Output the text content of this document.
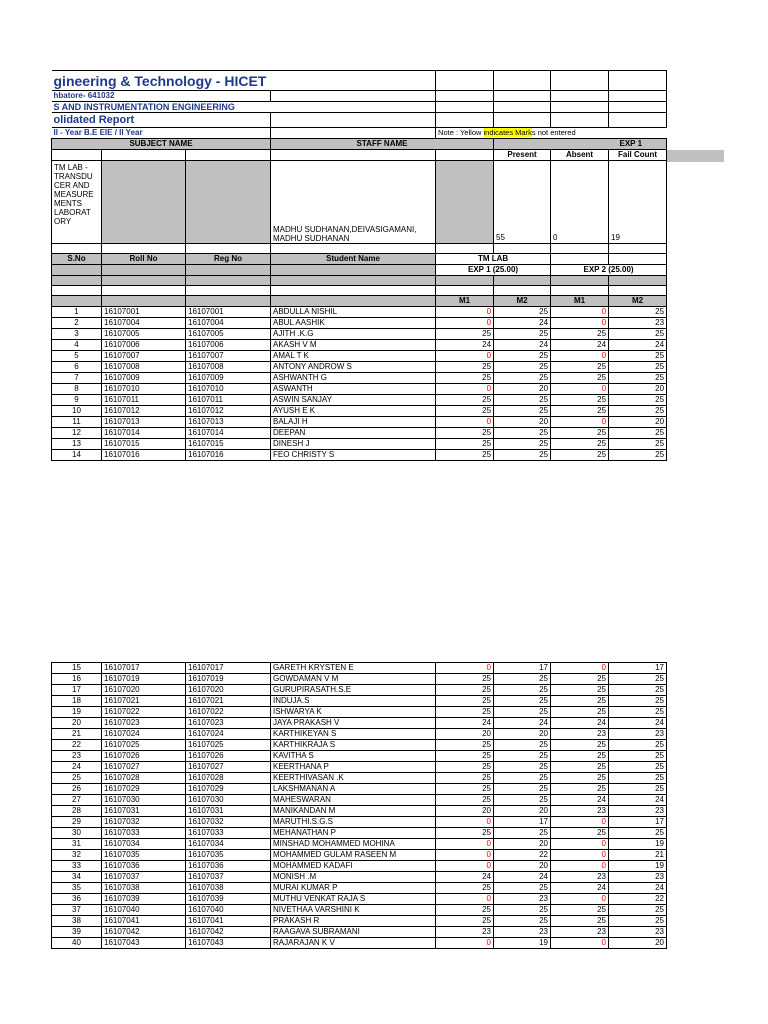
gineering & Technology - HICET							
hbatore- 641032							
S AND INSTRUMENTATION ENGINEERING							
olidated Report							
II - Year B.E EIE / II Year				Note : Yellow indicates Marks not entered			
SUBJECT NAME			STAFF NAME		EXP 1		
					Present	Absent	Fail Count
TM LAB - TRANSDU CER AND MEASURE MENTS LABORAT ORY			MADHU SUDHANAN,DEIVASIGAMANI, MADHU SUDHANAN		55	0	19

S.No	Roll No	Reg No	Student Name	TM LAB			
				EXP 1 (25.00)		EXP 2 (25.00)	

				M1	M2	M1	M2
1	16107001	16107001	ABDULLA NISHIL	0	25	0	25
2	16107004	16107004	ABUL AASHIK	0	24	0	23
3	16107005	16107005	AJITH .K.G	25	25	25	25
4	16107006	16107006	AKASH V M	24	24	24	24
5	16107007	16107007	AMAL T K	0	25	0	25
6	16107008	16107008	ANTONY ANDROW S	25	25	25	25
7	16107009	16107009	ASHWANTH G	25	25	25	25
8	16107010	16107010	ASWANTH	0	20	0	20
9	16107011	16107011	ASWIN SANJAY	25	25	25	25
10	16107012	16107012	AYUSH E K	25	25	25	25
11	16107013	16107013	BALAJI H	0	20	0	20
12	16107014	16107014	DEEPAN	25	25	25	25
13	16107015	16107015	DINESH J	25	25	25	25
14	16107016	16107016	FEO CHRISTY S	25	25	25	25
15	16107017	16107017	GARETH KRYSTEN E	0	17	0	17
16	16107019	16107019	GOWDAMAN V M	25	25	25	25
17	16107020	16107020	GURUPIRASATH.S.E	25	25	25	25
18	16107021	16107021	INDUJA.S	25	25	25	25
19	16107022	16107022	ISHWARYA K	25	25	25	25
20	16107023	16107023	JAYA PRAKASH V	24	24	24	24
21	16107024	16107024	KARTHIKEYAN S	20	20	23	23
22	16107025	16107025	KARTHIKRAJA S	25	25	25	25
23	16107026	16107026	KAVITHA S	25	25	25	25
24	16107027	16107027	KEERTHANA P	25	25	25	25
25	16107028	16107028	KEERTHIVASAN .K	25	25	25	25
26	16107029	16107029	LAKSHMANAN A	25	25	25	25
27	16107030	16107030	MAHESWARAN	25	25	24	24
28	16107031	16107031	MANIKANDAN M	20	20	23	23
29	16107032	16107032	MARUTHI.S.G.S	0	17	0	17
30	16107033	16107033	MEHANATHAN P	25	25	25	25
31	16107034	16107034	MINSHAD MOHAMMED MOHINA	0	20	0	19
32	16107035	16107035	MOHAMMED GULAM RASEEN M	0	22	0	21
33	16107036	16107036	MOHAMMED KADAFI	0	20	0	19
34	16107037	16107037	MONISH .M	24	24	23	23
35	16107038	16107038	MURAI KUMAR P	25	25	24	24
36	16107039	16107039	MUTHU VENKAT RAJA S	0	23	0	22
37	16107040	16107040	NIVETHAA VARSHINI K	25	25	25	25
38	16107041	16107041	PRAKASH R	25	25	25	25
39	16107042	16107042	RAAGAVA SUBRAMANI	23	23	23	23
40	16107043	16107043	RAJARAJAN K V	0	19	0	20
